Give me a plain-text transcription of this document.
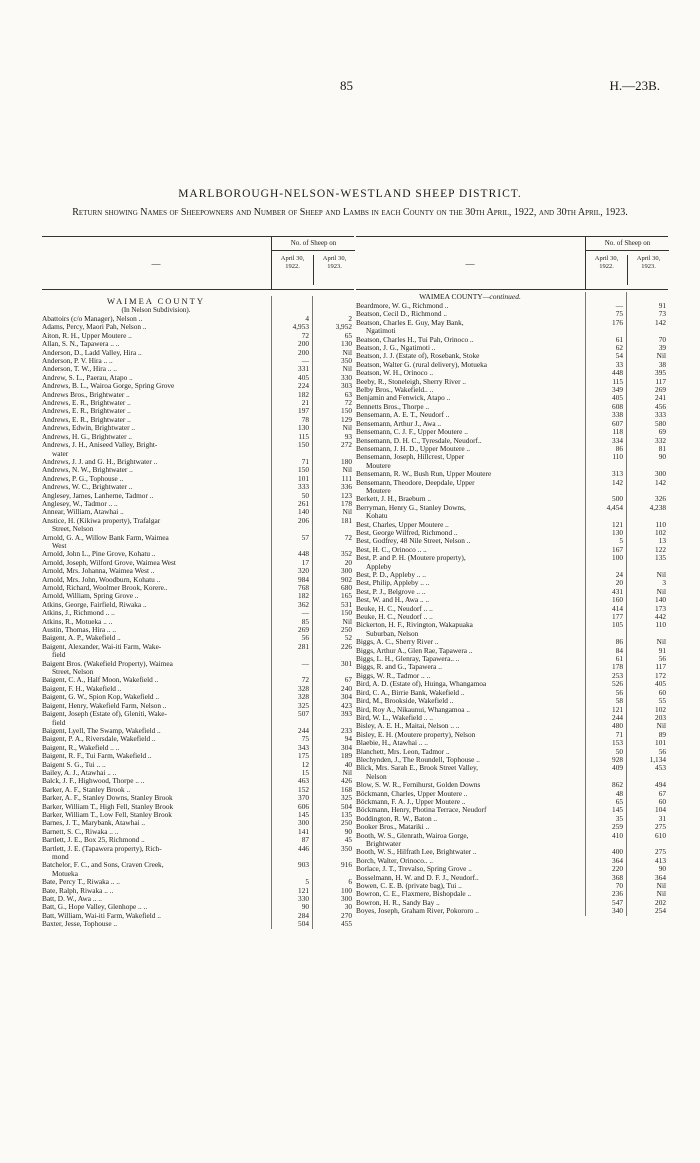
85	H.—23B.
MARLBOROUGH-NELSON-WESTLAND SHEEP DISTRICT.
Return showing Names of Sheepowners and Number of Sheep and Lambs in each County on the 30th April, 1922, and 30th April, 1923.
—
No. of Sheep on
April 30,
1922.
April 30,
1923.
WAIMEA COUNTY
(In Nelson Subdivision).
Abattoirs (c/o Manager), Nelson ..	4	2
Adams, Percy, Maori Pah, Nelson ..	4,953	3,952
Aiton, R. H., Upper Moutere ..	72	65
Allan, S. N., Tapawera .. ..	200	130
Anderson, D., Ladd Valley, Hira ..	200	Nil
Anderson, P. V. Hira .. ..	—	350
Anderson, T. W., Hira .. ..	331	Nil
Andrew, S. L., Paerau, Atapo ..	405	330
Andrews, B. L., Wairoa Gorge, Spring Grove	224	303
Andrews Bros., Brightwater ..	182	63
Andrews, E. R., Brightwater ..	21	72
Andrews, E. R., Brightwater ..	197	150
Andrews, E. R., Brightwater ..	78	129
Andrews, Edwin, Brightwater ..	130	Nil
Andrews, H. G., Brightwater ..	115	93
Andrews, J. H., Aniseed Valley, Bright-
water
150	272
Andrews, J. J. and G. H., Brightwater ..	71	180
Andrews, N. W., Brightwater ..	150	Nil
Andrews, P. G., Tophouse ..	101	111
Andrews, W. C., Brightwater ..	333	336
Anglesey, James, Lanherne, Tadmor ..	50	123
Anglesey, W., Tadmor .. ..	261	178
Annear, William, Atawhai ..	140	Nil
Anstice, H. (Kikiwa property), Trafalgar
Street, Nelson
206	181
Arnold, G. A., Willow Bank Farm, Waimea
West
57	72
Arnold, John L., Pine Grove, Kohatu ..	448	352
Arnold, Joseph, Wilford Grove, Waimea West	17	20
Arnold, Mrs. Johanna, Waimea West ..	320	300
Arnold, Mrs. John, Woodburn, Kohatu ..	984	902
Arnold, Richard, Woolmer Brook, Korere..	768	680
Arnold, William, Spring Grove ..	182	165
Atkins, George, Fairfield, Riwaka ..	362	531
Atkins, J., Richmond .. ..	—	150
Atkins, R., Motueka .. ..	85	Nil
Austin, Thomas, Hira .. ..	269	250
Baigent, A. P., Wakefield ..	56	52
Baigent, Alexander, Wai-iti Farm, Wake-
field
281	226
Baigent Bros. (Wakefield Property), Waimea
Street, Nelson
—	301
Baigent, C. A., Half Moon, Wakefield ..	72	67
Baigent, F. H., Wakefield ..	328	240
Baigent, G. W., Spion Kop, Wakefield ..	328	304
Baigent, Henry, Wakefield Farm, Nelson ..	325	423
Baigent, Joseph (Estate of), Gleniti, Wake-
field
507	393
Baigent, Lyell, The Swamp, Wakefield ..	244	233
Baigent, P. A., Riversdale, Wakefield ..	75	94
Baigent, R., Wakefield .. ..	343	304
Baigent, R. F., Tui Farm, Wakefield ..	175	189
Baigent S. G., Tui .. ..	12	40
Bailey, A. J., Atawhai .. ..	15	Nil
Balck, J. F., Highwood, Thorpe .. ..	463	426
Barker, A. F., Stanley Brook ..	152	168
Barker, A. F., Stanley Downs, Stanley Brook	370	325
Barker, William T., High Fell, Stanley Brook	606	504
Barker, William T., Low Fell, Stanley Brook	145	135
Barnes, J. T., Marybank, Atawhai ..	300	250
Barnett, S. C., Riwaka .. ..	141	90
Bartlett, J. E., Box 25, Richmond ..	87	45
Bartlett, J. E. (Tapawera property), Rich-
mond
446	350
Batchelor, F. C., and Sons, Craven Creek,
Motueka
903	916
Bate, Percy T., Riwaka .. ..	5	6
Bate, Ralph, Riwaka .. ..	121	100
Batt, D. W., Awa .. ..	330	300
Batt, G., Hope Valley, Glenhope .. ..	90	30
Batt, William, Wai-iti Farm, Wakefield ..	284	270
Baxter, Jesse, Tophouse ..	504	455
—
No. of Sheep on
April 30,
1922.
April 30,
1923.
WAIMEA COUNTY—continued.
Beardmore, W. G., Richmond ..	—	91
Beatson, Cecil D., Richmond ..	75	73
Beatson, Charles E. Guy, May Bank,
Ngatimoti
176	142
Beatson, Charles H., Tui Pah, Orinoco ..	61	70
Beatson, J. G., Ngatimoti ..	62	39
Beatson, J. J. (Estate of), Rosebank, Stoke	54	Nil
Beatson, Walter G. (rural delivery), Motueka	33	38
Beatson, W. H., Orinoco ..	448	395
Beeby, R., Stoneleigh, Sherry River ..	115	117
Belby Bros., Wakefield.. ..	349	269
Benjamin and Fenwick, Atapo ..	405	241
Bennetts Bros., Thorpe ..	608	456
Bensemann, A. E. T., Neudorf ..	338	333
Bensemann, Arthur J., Awa ..	607	580
Bensemann, C. J. F., Upper Moutere ..	118	69
Bensemann, D. H. C., Tyresdale, Neudorf..	334	332
Bensemann, J. H. D., Upper Moutere ..	86	81
Bensemann, Joseph, Hillcrest, Upper
Moutere
110	90
Bensemann, R. W., Bush Run, Upper Moutere	313	300
Bensemann, Theodore, Deepdale, Upper
Moutere
142	142
Berkett, J. H., Braeburn ..	500	326
Berryman, Henry G., Stanley Downs,
Kohatu
4,454	4,238
Best, Charles, Upper Moutere ..	121	110
Best, George Wilfred, Richmond ..	130	102
Best, Godfrey, 48 Nile Street, Nelson ..	5	13
Best, H. C., Orinoco .. ..	167	122
Best, P. and P. H. (Moutere property),
Appleby
100	135
Best, P. D., Appleby .. ..	24	Nil
Best, Philip, Appleby .. ..	20	3
Best, P. J., Belgrove .. ..	431	Nil
Best, W. and H., Awa .. ..	160	140
Beuke, H. C., Neudorf .. ..	414	173
Beuke, H. C., Neudorf .. ..	177	442
Bickerton, H. F., Rivington, Wakapuaka
Suburban, Nelson
105	110
Biggs, A. C., Sherry River ..	86	Nil
Biggs, Arthur A., Glen Rae, Tapawera ..	84	91
Biggs, L. H., Glenray, Tapawera.. ..	61	56
Biggs, R. and G., Tapawera ..	178	117
Biggs, W. R., Tadmor .. ..	253	172
Bird, A. D. (Estate of), Huinga, Whangamoa	526	405
Bird, C. A., Birrie Bank, Wakefield ..	56	60
Bird, M., Brookside, Wakefield ..	58	55
Bird, Roy A., Nikaunui, Whangamoa ..	121	102
Bird, W. L., Wakefield .. ..	244	203
Bisley, A. E. H., Maitai, Nelson .. ..	480	Nil
Bisley, E. H. (Moutere property), Nelson	71	89
Blaebie, H., Atawhai .. ..	153	101
Blanchett, Mrs. Leon, Tadmor ..	50	56
Blechynden, J., The Roundell, Tophouse ..	928	1,134
Blick, Mrs. Sarah E., Brook Street Valley,
Nelson
409	453
Blow, S. W. R., Fernihurst, Golden Downs	862	494
Böckmann, Charles, Upper Moutere ..	48	67
Böckmann, F. A. J., Upper Moutere ..	65	60
Böckmann, Henry, Photina Terrace, Neudorf	145	104
Boddington, R. W., Baton ..	35	31
Booker Bros., Matariki ..	259	275
Booth, W. S., Glenrath, Wairoa Gorge,
Brightwater
410	610
Booth, W. S., Hilfrath Lee, Brightwater ..	400	275
Borch, Walter, Orinoco.. ..	364	413
Borlace, J. T., Trevalso, Spring Grove ..	220	90
Bosselmann, H. W. and D. F. J., Neudorf..	368	364
Bowen, C. E. B. (private bag), Tui ..	70	Nil
Bowron, C. E., Flaxmere, Bishopdale ..	236	Nil
Bowron, H. R., Sandy Bay ..	547	202
Boyes, Joseph, Graham River, Pokororo ..	340	254
